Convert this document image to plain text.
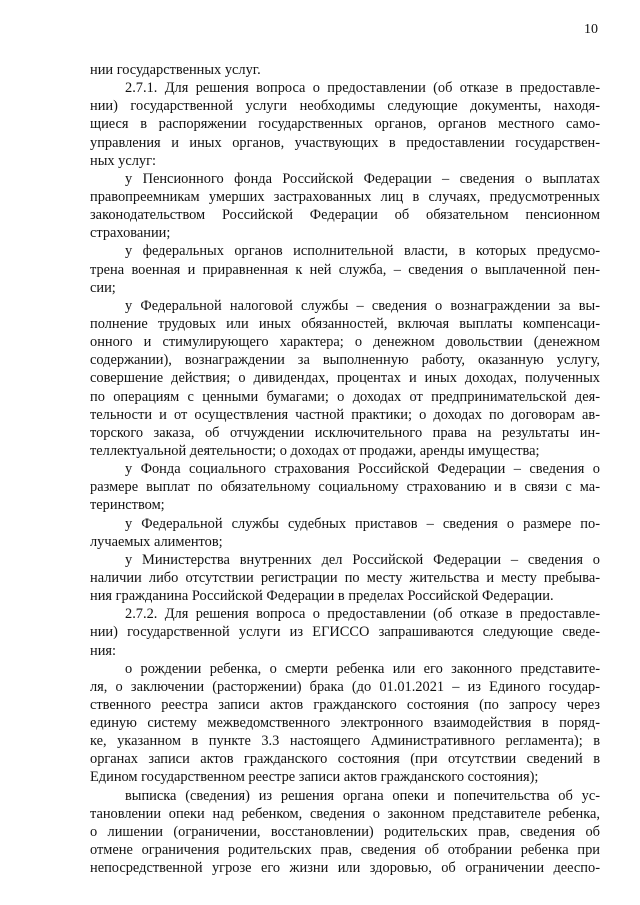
10
нии государственных услуг.
2.7.1. Для решения вопроса о предоставлении (об отказе в предоставле-
нии) государственной услуги необходимы следующие документы, находя-
щиеся в распоряжении государственных органов, органов местного само-
управления и иных органов, участвующих в предоставлении государствен-
ных услуг:
у Пенсионного фонда Российской Федерации – сведения о выплатах
правопреемникам умерших застрахованных лиц в случаях, предусмотренных
законодательством Российской Федерации об обязательном пенсионном
страховании;
у федеральных органов исполнительной власти, в которых предусмо-
трена военная и приравненная к ней служба, – сведения о выплаченной пен-
сии;
у Федеральной налоговой службы – сведения о вознаграждении за вы-
полнение трудовых или иных обязанностей, включая выплаты компенсаци-
онного и стимулирующего характера; о денежном довольствии (денежном
содержании), вознаграждении за выполненную работу, оказанную услугу,
совершение действия; о дивидендах, процентах и иных доходах, полученных
по операциям с ценными бумагами; о доходах от предпринимательской дея-
тельности и от осуществления частной практики; о доходах по договорам ав-
торского заказа, об отчуждении исключительного права на результаты ин-
теллектуальной деятельности; о доходах от продажи, аренды имущества;
у Фонда социального страхования Российской Федерации – сведения о
размере выплат по обязательному социальному страхованию и в связи с ма-
теринством;
у Федеральной службы судебных приставов – сведения о размере по-
лучаемых алиментов;
у Министерства внутренних дел Российской Федерации – сведения о
наличии либо отсутствии регистрации по месту жительства и месту пребыва-
ния гражданина Российской Федерации в пределах Российской Федерации.
2.7.2. Для решения вопроса о предоставлении (об отказе в предоставле-
нии) государственной услуги из ЕГИССО запрашиваются следующие сведе-
ния:
о рождении ребенка, о смерти ребенка или его законного представите-
ля, о заключении (расторжении) брака (до 01.01.2021 – из Единого государ-
ственного реестра записи актов гражданского состояния (по запросу через
единую систему межведомственного электронного взаимодействия в поряд-
ке, указанном в пункте 3.3 настоящего Административного регламента); в
органах записи актов гражданского состояния (при отсутствии сведений в
Едином государственном реестре записи актов гражданского состояния);
выписка (сведения) из решения органа опеки и попечительства об ус-
тановлении опеки над ребенком, сведения о законном представителе ребенка,
о лишении (ограничении, восстановлении) родительских прав, сведения об
отмене ограничения родительских прав, сведения об отобрании ребенка при
непосредственной угрозе его жизни или здоровью, об ограничении дееспо-
